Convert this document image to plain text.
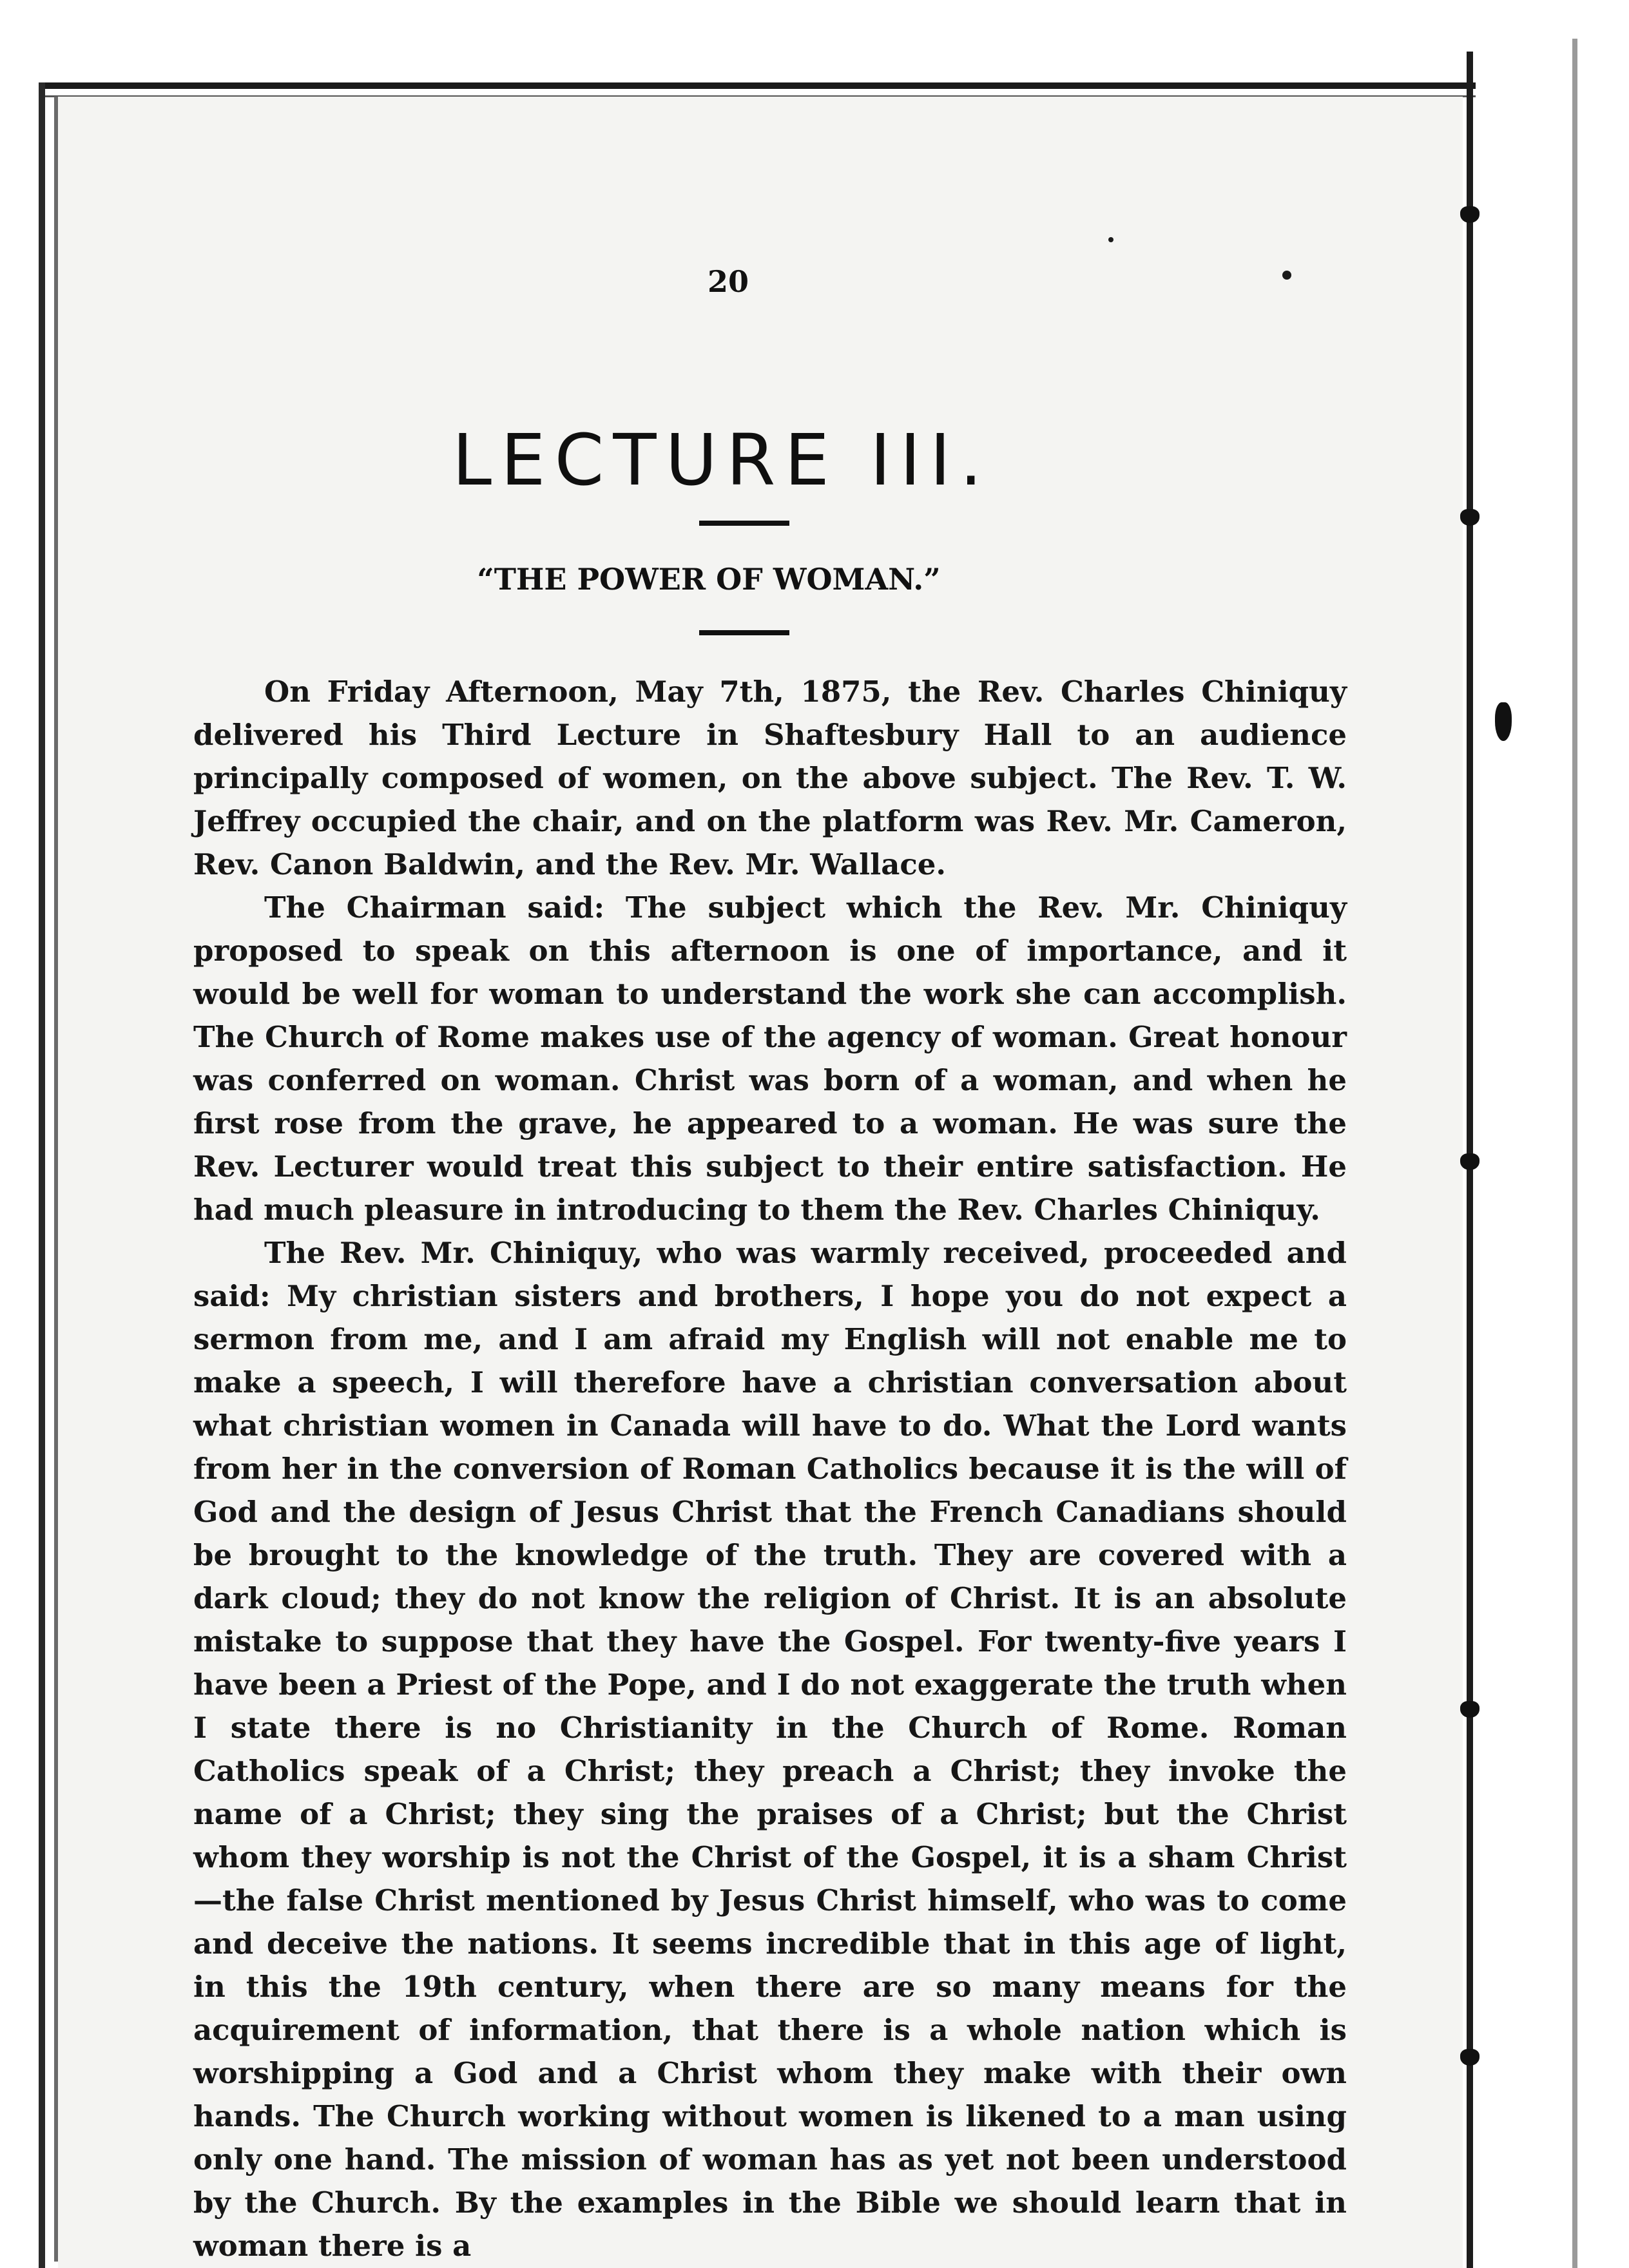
20
LECTURE III.
“THE POWER OF WOMAN.”

On Friday Afternoon, May 7th, 1875, the Rev. Charles Chiniquy delivered his Third Lecture in Shaftesbury Hall to an audience principally composed of women, on the above subject. The Rev. T. W. Jeffrey occupied the chair, and on the platform was Rev. Mr. Cameron, Rev. Canon Baldwin, and the Rev. Mr. Wallace.

The Chairman said: The subject which the Rev. Mr. Chiniquy proposed to speak on this afternoon is one of importance, and it would be well for woman to understand the work she can accomplish. The Church of Rome makes use of the agency of woman. Great honour was conferred on woman. Christ was born of a woman, and when he first rose from the grave, he appeared to a woman. He was sure the Rev. Lecturer would treat this subject to their entire satisfaction. He had much pleasure in introducing to them the Rev. Charles Chiniquy.

The Rev. Mr. Chiniquy, who was warmly received, proceeded and said: My christian sisters and brothers, I hope you do not expect a sermon from me, and I am afraid my English will not enable me to make a speech, I will therefore have a christian conversation about what christian women in Canada will have to do. What the Lord wants from her in the conversion of Roman Catholics because it is the will of God and the design of Jesus Christ that the French Canadians should be brought to the knowledge of the truth. They are covered with a dark cloud; they do not know the religion of Christ. It is an absolute mistake to suppose that they have the Gospel. For twenty-five years I have been a Priest of the Pope, and I do not exaggerate the truth when I state there is no Christianity in the Church of Rome. Roman Catholics speak of a Christ; they preach a Christ; they invoke the name of a Christ; they sing the praises of a Christ; but the Christ whom they worship is not the Christ of the Gospel, it is a sham Christ—the false Christ mentioned by Jesus Christ himself, who was to come and deceive the nations. It seems incredible that in this age of light, in this the 19th century, when there are so many means for the acquirement of information, that there is a whole nation which is worshipping a God and a Christ whom they make with their own hands. The Church working without women is likened to a man using only one hand. The mission of woman has as yet not been understood by the Church. By the examples in the Bible we should learn that in woman there is a
